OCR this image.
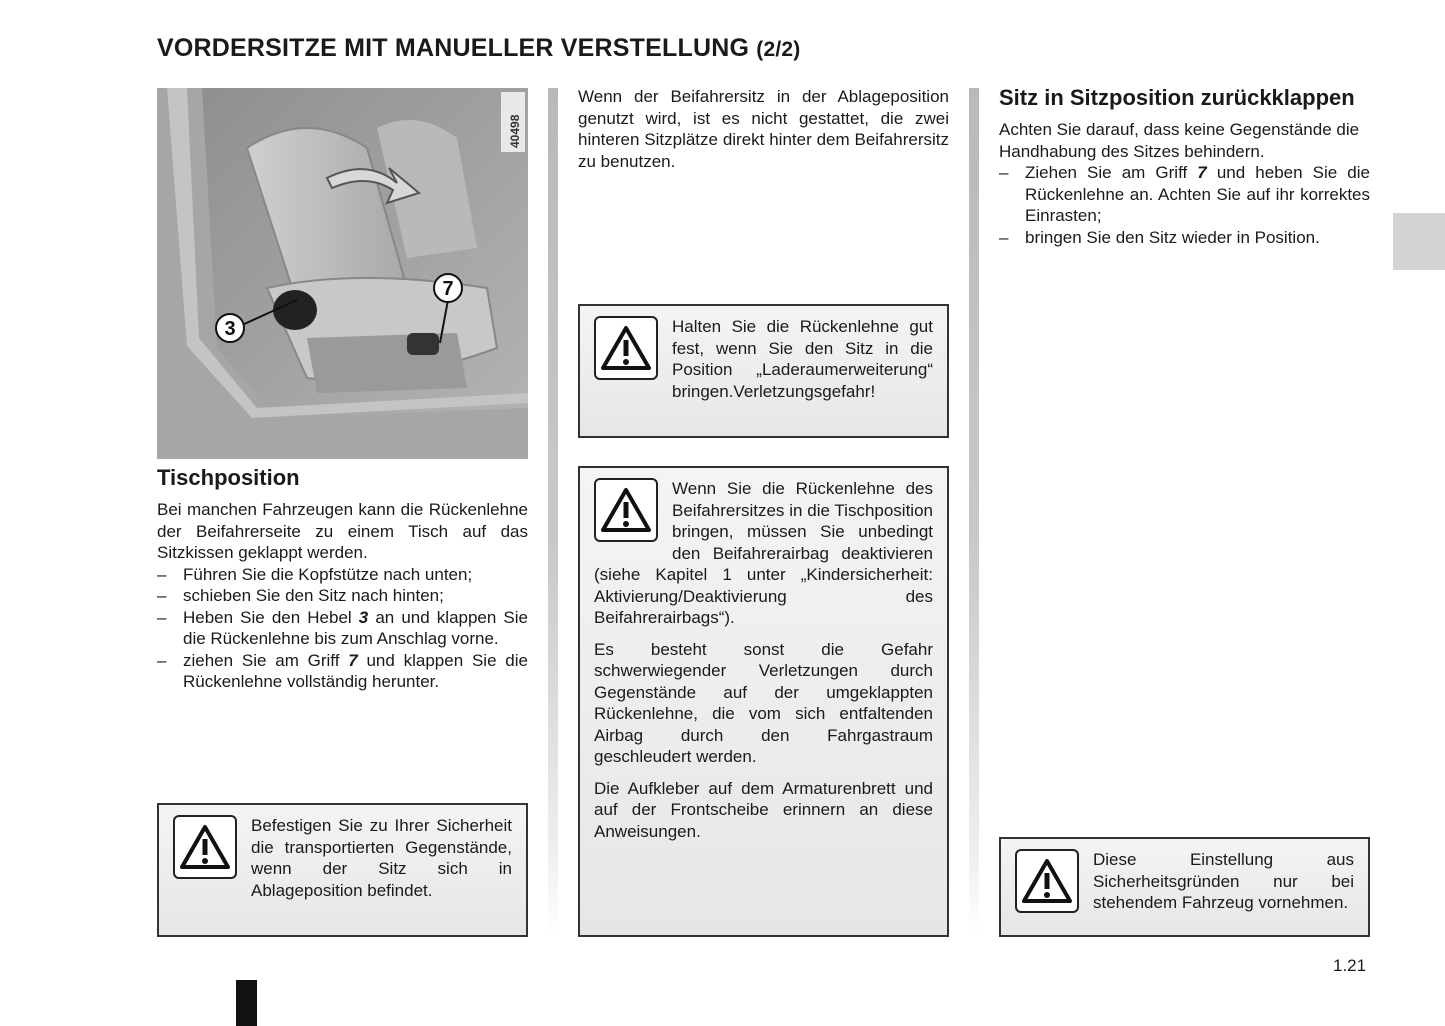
VORDERSITZE MIT MANUELLER VERSTELLUNG (2/2)
3
7
40498
Tischposition

Bei manchen Fahrzeugen kann die Rückenlehne der Beifahrerseite zu einem Tisch auf das Sitzkissen geklappt werden.

– Führen Sie die Kopfstütze nach unten;
– schieben Sie den Sitz nach hinten;
– Heben Sie den Hebel 3 an und klappen Sie die Rückenlehne bis zum Anschlag vorne.
– ziehen Sie am Griff 7 und klappen Sie die Rückenlehne vollständig herunter.

Befestigen Sie zu Ihrer Sicherheit die transportierten Gegenstände, wenn der Sitz sich in Ablageposition befindet.

Wenn der Beifahrersitz in der Ablageposition genutzt wird, ist es nicht gestattet, die zwei hinteren Sitzplätze direkt hinter dem Beifahrersitz zu benutzen.

Halten Sie die Rückenlehne gut fest, wenn Sie den Sitz in die Position „Laderaumerweiterung“ bringen.Verletzungsgefahr!

Wenn Sie die Rückenlehne des Beifahrersitzes in die Tischposition bringen, müssen Sie unbedingt den Beifahrerairbag deaktivieren (siehe Kapitel 1 unter „Kindersicherheit: Aktivierung/Deaktivierung des Beifahrerairbags“).

Es besteht sonst die Gefahr schwerwiegender Verletzungen durch Gegenstände auf der umgeklappten Rückenlehne, die vom sich entfaltenden Airbag durch den Fahrgastraum geschleudert werden.

Die Aufkleber auf dem Armaturenbrett und auf der Frontscheibe erinnern an diese Anweisungen.

Sitz in Sitzposition zurückklappen

Achten Sie darauf, dass keine Gegenstände die Handhabung des Sitzes behindern.

– Ziehen Sie am Griff 7 und heben Sie die Rückenlehne an. Achten Sie auf ihr korrektes Einrasten;
– bringen Sie den Sitz wieder in Position.

Diese Einstellung aus Sicherheitsgründen nur bei stehendem Fahrzeug vornehmen.

1.21
